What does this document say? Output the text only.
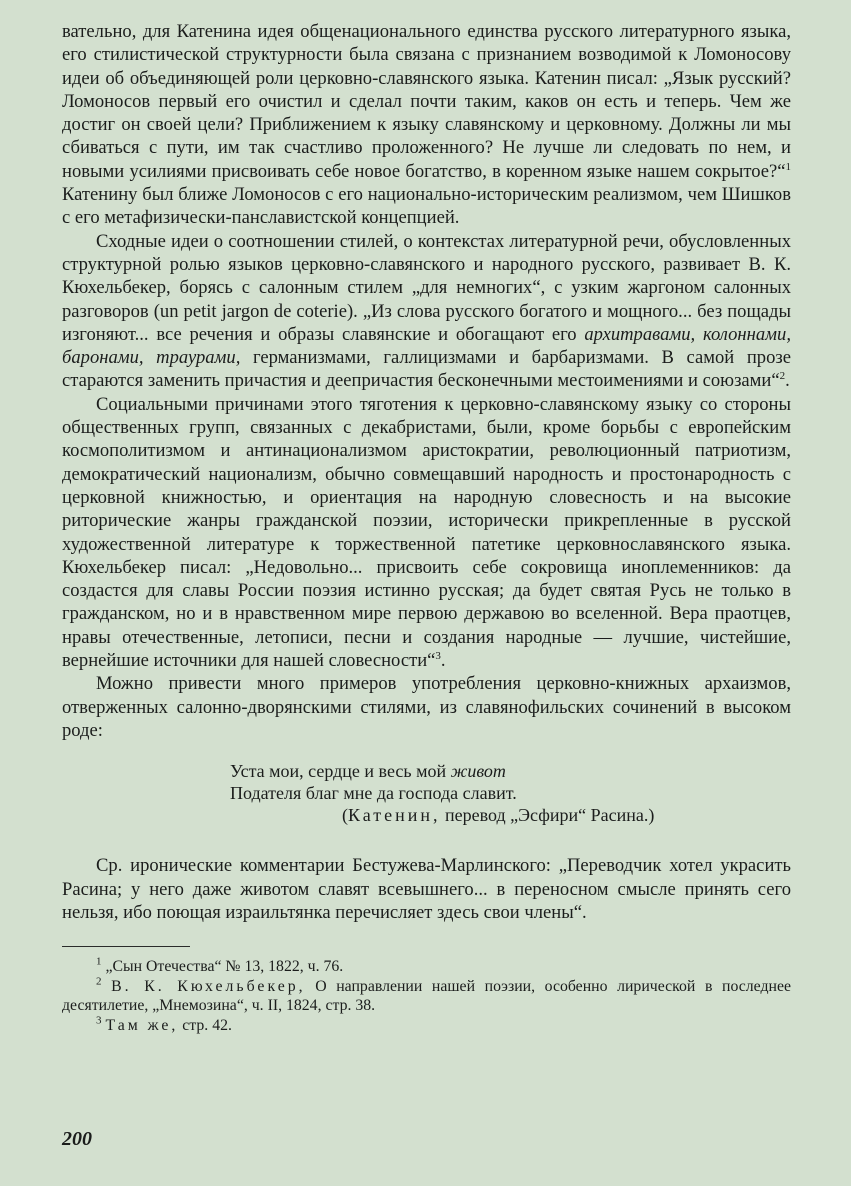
вательно, для Катенина идея общенационального единства русского литературного языка, его стилистической структурности была связана с признанием возводимой к Ломоносову идеи об объединяющей роли церковно-славянского языка. Катенин писал: „Язык русский? Ломоносов первый его очистил и сделал почти таким, каков он есть и теперь. Чем же достиг он своей цели? Приближением к языку славянскому и церковному. Должны ли мы сбиваться с пути, им так счастливо проложенного? Не лучше ли следовать по нем, и новыми усилиями присвоивать себе новое богатство, в коренном языке нашем сокрытое?“$^1$ Катенину был ближе Ломоносов с его национально-историческим реализмом, чем Шишков с его метафизически-панславистской концепцией.

Сходные идеи о соотношении стилей, о контекстах литературной речи, обусловленных структурной ролью языков церковно-славянского и народного русского, развивает В. К. Кюхельбекер, борясь с салонным стилем „для немногих“, с узким жаргоном салонных разговоров (un petit jargon de coterie). „Из слова русского богатого и мощного... без пощады изгоняют... все речения и образы славянские и обогащают его архитравами, колоннами, баронами, траурами, германизмами, галлицизмами и барбаризмами. В самой прозе стараются заменить причастия и деепричастия бесконечными местоимениями и союзами“$^2$.

Социальными причинами этого тяготения к церковно-славянскому языку со стороны общественных групп, связанных с декабристами, были, кроме борьбы с европейским космополитизмом и антинационализмом аристократии, революционный патриотизм, демократический национализм, обычно совмещавший народность и простонародность с церковной книжностью, и ориентация на народную словесность и на высокие риторические жанры гражданской поэзии, исторически прикрепленные в русской художественной литературе к торжественной патетике церковнославянского языка. Кюхельбекер писал: „Недовольно... присвоить себе сокровища иноплеменников: да создастся для славы России поэзия истинно русская; да будет святая Русь не только в гражданском, но и в нравственном мире первою державою во вселенной. Вера праотцев, нравы отечественные, летописи, песни и создания народные — лучшие, чистейшие, вернейшие источники для нашей словесности“$^3$.

Можно привести много примеров употребления церковно-книжных архаизмов, отверженных салонно-дворянскими стилями, из славянофильских сочинений в высоком роде:

Уста мои, сердце и весь мой живот
Подателя благ мне да господа славит.
(Катенин, перевод „Эсфири“ Расина.)

Ср. иронические комментарии Бестужева-Марлинского: „Переводчик хотел украсить Расина; у него даже животом славят всевышнего... в переносном смысле принять сего нельзя, ибо поющая израильтянка перечисляет здесь свои члены“.

$^1$ „Сын Отечества“ № 13, 1822, ч. 76.

$^2$ В. К. Кюхельбекер, О направлении нашей поэзии, особенно лирической в последнее десятилетие, „Мнемозина“, ч. II, 1824, стр. 38.

$^3$ Там же, стр. 42.

200
